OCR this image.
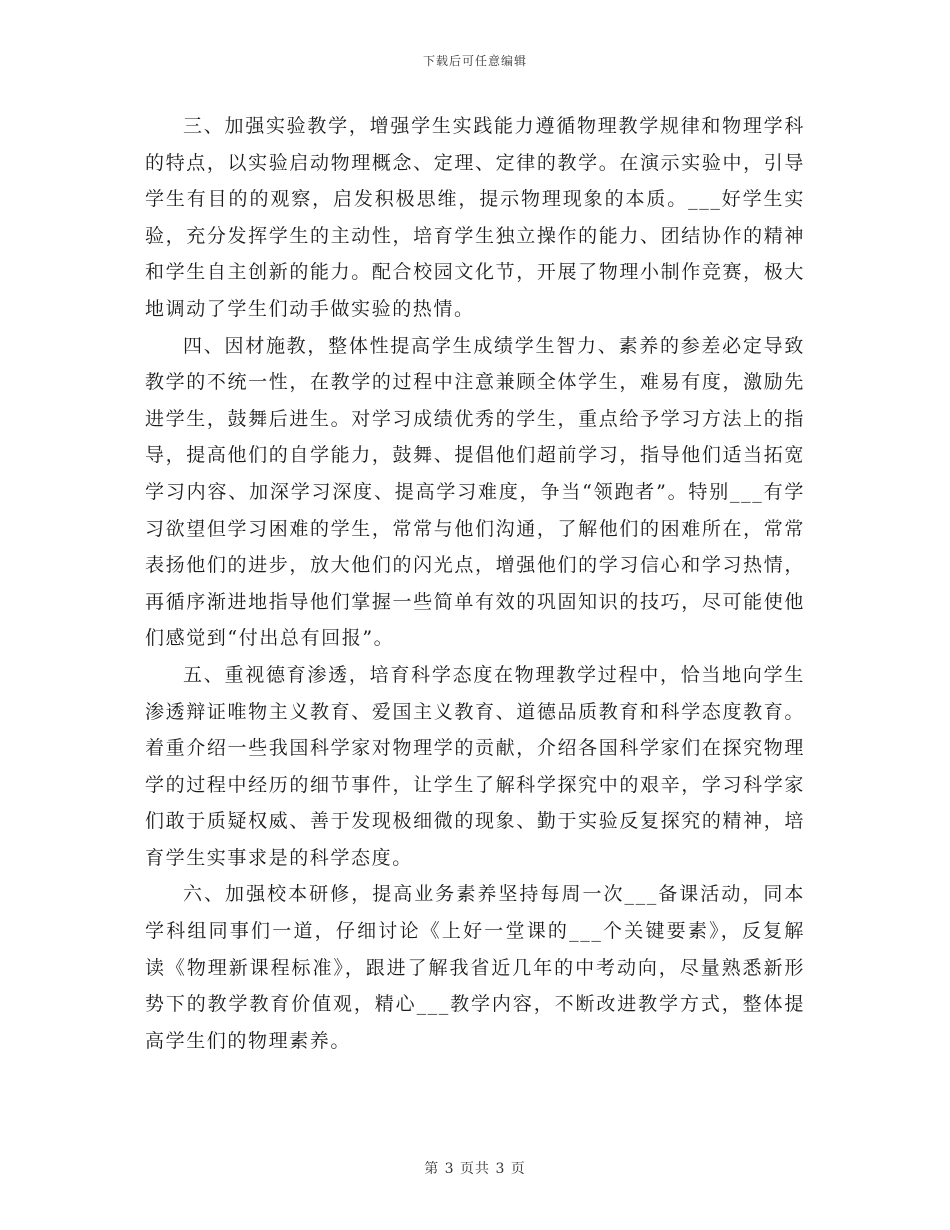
下载后可任意编辑

三、加强实验教学，增强学生实践能力遵循物理教学规律和物理学科的特点，以实验启动物理概念、定理、定律的教学。在演示实验中，引导学生有目的的观察，启发积极思维，提示物理现象的本质。___好学生实验，充分发挥学生的主动性，培育学生独立操作的能力、团结协作的精神和学生自主创新的能力。配合校园文化节，开展了物理小制作竞赛，极大地调动了学生们动手做实验的热情。

四、因材施教，整体性提高学生成绩学生智力、素养的参差必定导致教学的不统一性，在教学的过程中注意兼顾全体学生，难易有度，激励先进学生，鼓舞后进生。对学习成绩优秀的学生，重点给予学习方法上的指导，提高他们的自学能力，鼓舞、提倡他们超前学习，指导他们适当拓宽学习内容、加深学习深度、提高学习难度，争当“领跑者”。特别___有学习欲望但学习困难的学生，常常与他们沟通，了解他们的困难所在，常常表扬他们的进步，放大他们的闪光点，增强他们的学习信心和学习热情，再循序渐进地指导他们掌握一些简单有效的巩固知识的技巧，尽可能使他们感觉到“付出总有回报”。

五、重视德育渗透，培育科学态度在物理教学过程中，恰当地向学生渗透辩证唯物主义教育、爱国主义教育、道德品质教育和科学态度教育。着重介绍一些我国科学家对物理学的贡献，介绍各国科学家们在探究物理学的过程中经历的细节事件，让学生了解科学探究中的艰辛，学习科学家们敢于质疑权威、善于发现极细微的现象、勤于实验反复探究的精神，培育学生实事求是的科学态度。

六、加强校本研修，提高业务素养坚持每周一次___备课活动，同本学科组同事们一道，仔细讨论《上好一堂课的___个关键要素》，反复解读《物理新课程标准》，跟进了解我省近几年的中考动向，尽量熟悉新形势下的教学教育价值观，精心___教学内容，不断改进教学方式，整体提高学生们的物理素养。

第 3 页共 3 页
